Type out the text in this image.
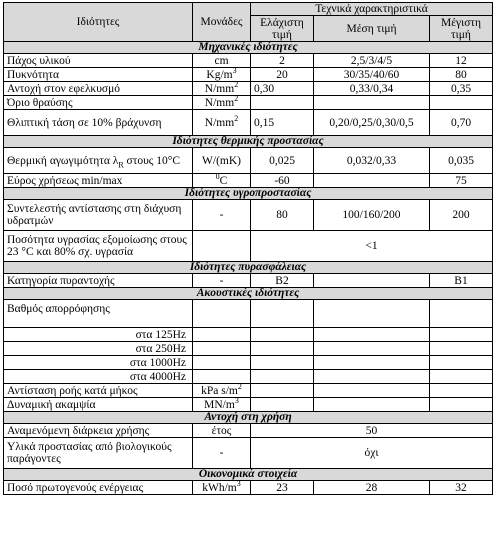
Ιδιότητες	Μονάδες	Τεχνικά χαρακτηριστικά		
		Ελάχιστη τιμή	Μέση τιμή	Μέγιστη τιμή
Μηχανικές ιδιότητες				
Πάχος υλικού	cm	2	2,5/3/4/5	12
Πυκνότητα	$Kg/m^3$	20	30/35/40/60	80
Αντοχή στον εφελκυσμό	$N/mm^2$	0,30	0,33/0,34	0,35
Όριο θραύσης	$N/mm^2$			
Θλιπτική τάση σε 10% βράχυνση	$N/mm^2$	0,15	0,20/0,25/0,30/0,5	0,70
Ιδιότητες θερμικής προστασίας				
Θερμική αγωγιμότητα $\lambda_R$ στους 10°C	W/(mK)	0,025	0,032/0,33	0,035
Εύρος χρήσεως min/max	$^0$C	-60		75
Ιδιότητες υγροπροστασίας				
Συντελεστής αντίστασης στη διάχυση υδρατμών	-	80	100/160/200	200
Ποσότητα υγρασίας εξομοίωσης στους 23 °C και 80% σχ. υγρασία		<1		
Ιδιότητες πυρασφάλειας				
Κατηγορία πυραντοχής	-	B2		B1
Ακουστικές ιδιότητες				
Βαθμός απορρόφησης				
στα 125Hz				
στα 250Hz				
στα 1000Hz				
στα 4000Hz				
Αντίσταση ροής κατά μήκος	kPa $s/m^2$			
Δυναμική ακαμψία	$MN/m^3$			
Αντοχή στη χρήση				
Αναμενόμενη διάρκεια χρήσης	έτος	50		
Υλικά προστασίας από βιολογικούς παράγοντες	-	όχι		
Οικονομικά στοιχεία				
Ποσό πρωτογενούς ενέργειας	kWh/$m^3$	23	28	32
